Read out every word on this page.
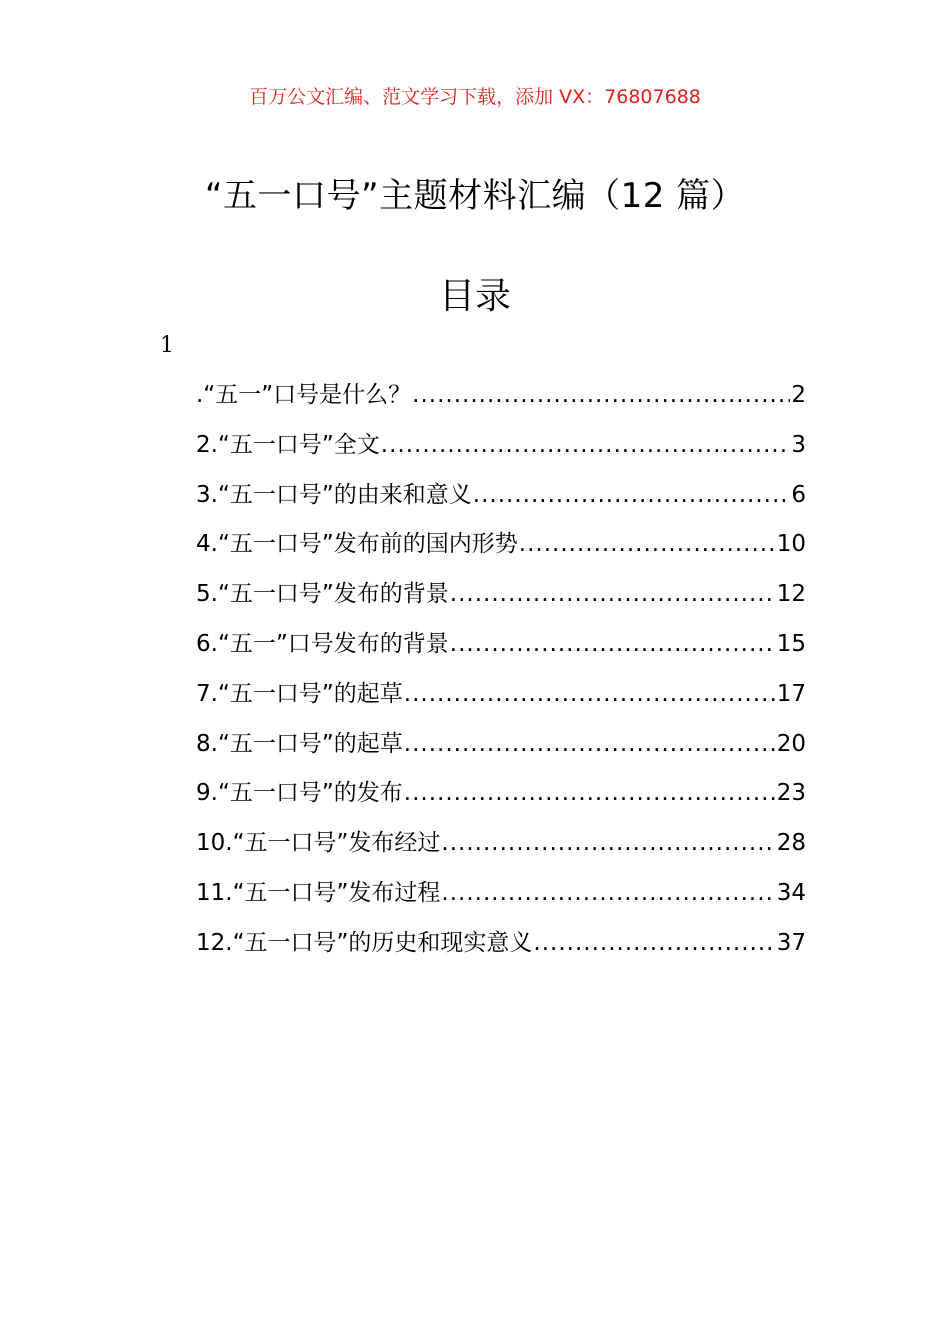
百万公文汇编、范文学习下载，添加 VX：76807688
“五一口号”主题材料汇编（12 篇）
目录
1
.“五一”口号是什么？ .....	2
2.“五一口号”全文 .....	3
3.“五一口号”的由来和意义 .....	6
4.“五一口号”发布前的国内形势 .....	10
5.“五一口号”发布的背景 .....	12
6.“五一”口号发布的背景 .....	15
7.“五一口号”的起草 .....	17
8.“五一口号”的起草 .....	20
9.“五一口号”的发布 .....	23
10.“五一口号”发布经过 .....	28
11.“五一口号”发布过程 .....	34
12.“五一口号”的历史和现实意义 .....	37
